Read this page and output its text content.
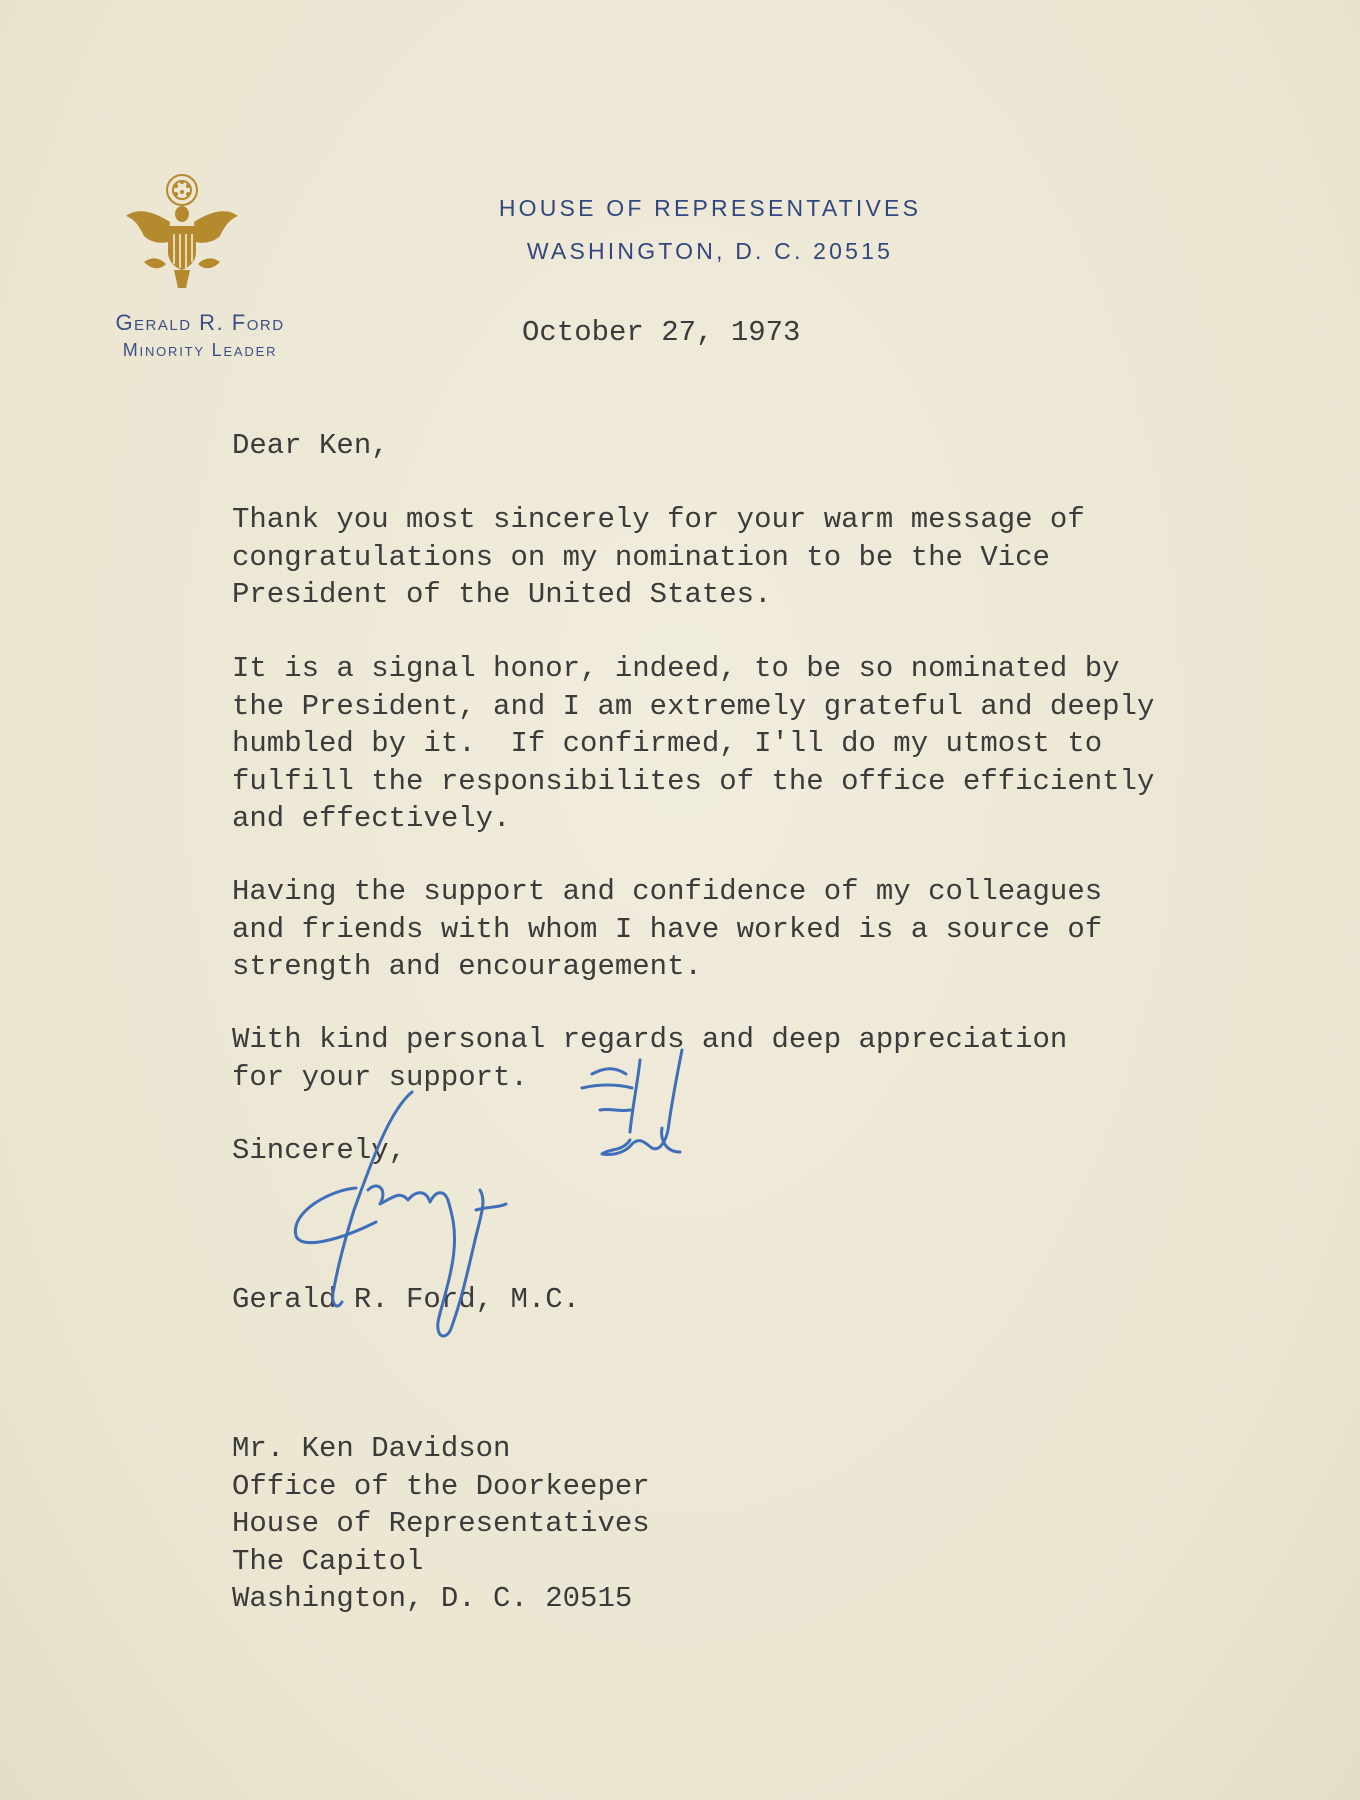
Gerald R. Ford
Minority Leader
HOUSE OF REPRESENTATIVES
WASHINGTON, D. C. 20515

October 27, 1973

Dear Ken,

Thank you most sincerely for your warm message of
congratulations on my nomination to be the Vice
President of the United States.

It is a signal honor, indeed, to be so nominated by
the President, and I am extremely grateful and deeply
humbled by it.  If confirmed, I'll do my utmost to
fulfill the responsibilites of the office efficiently
and effectively.

Having the support and confidence of my colleagues
and friends with whom I have worked is a source of
strength and encouragement.

With kind personal regards and deep appreciation
for your support.

Sincerely,

Gerald R. Ford, M.C.

Mr. Ken Davidson
Office of the Doorkeeper
House of Representatives
The Capitol
Washington, D. C. 20515
